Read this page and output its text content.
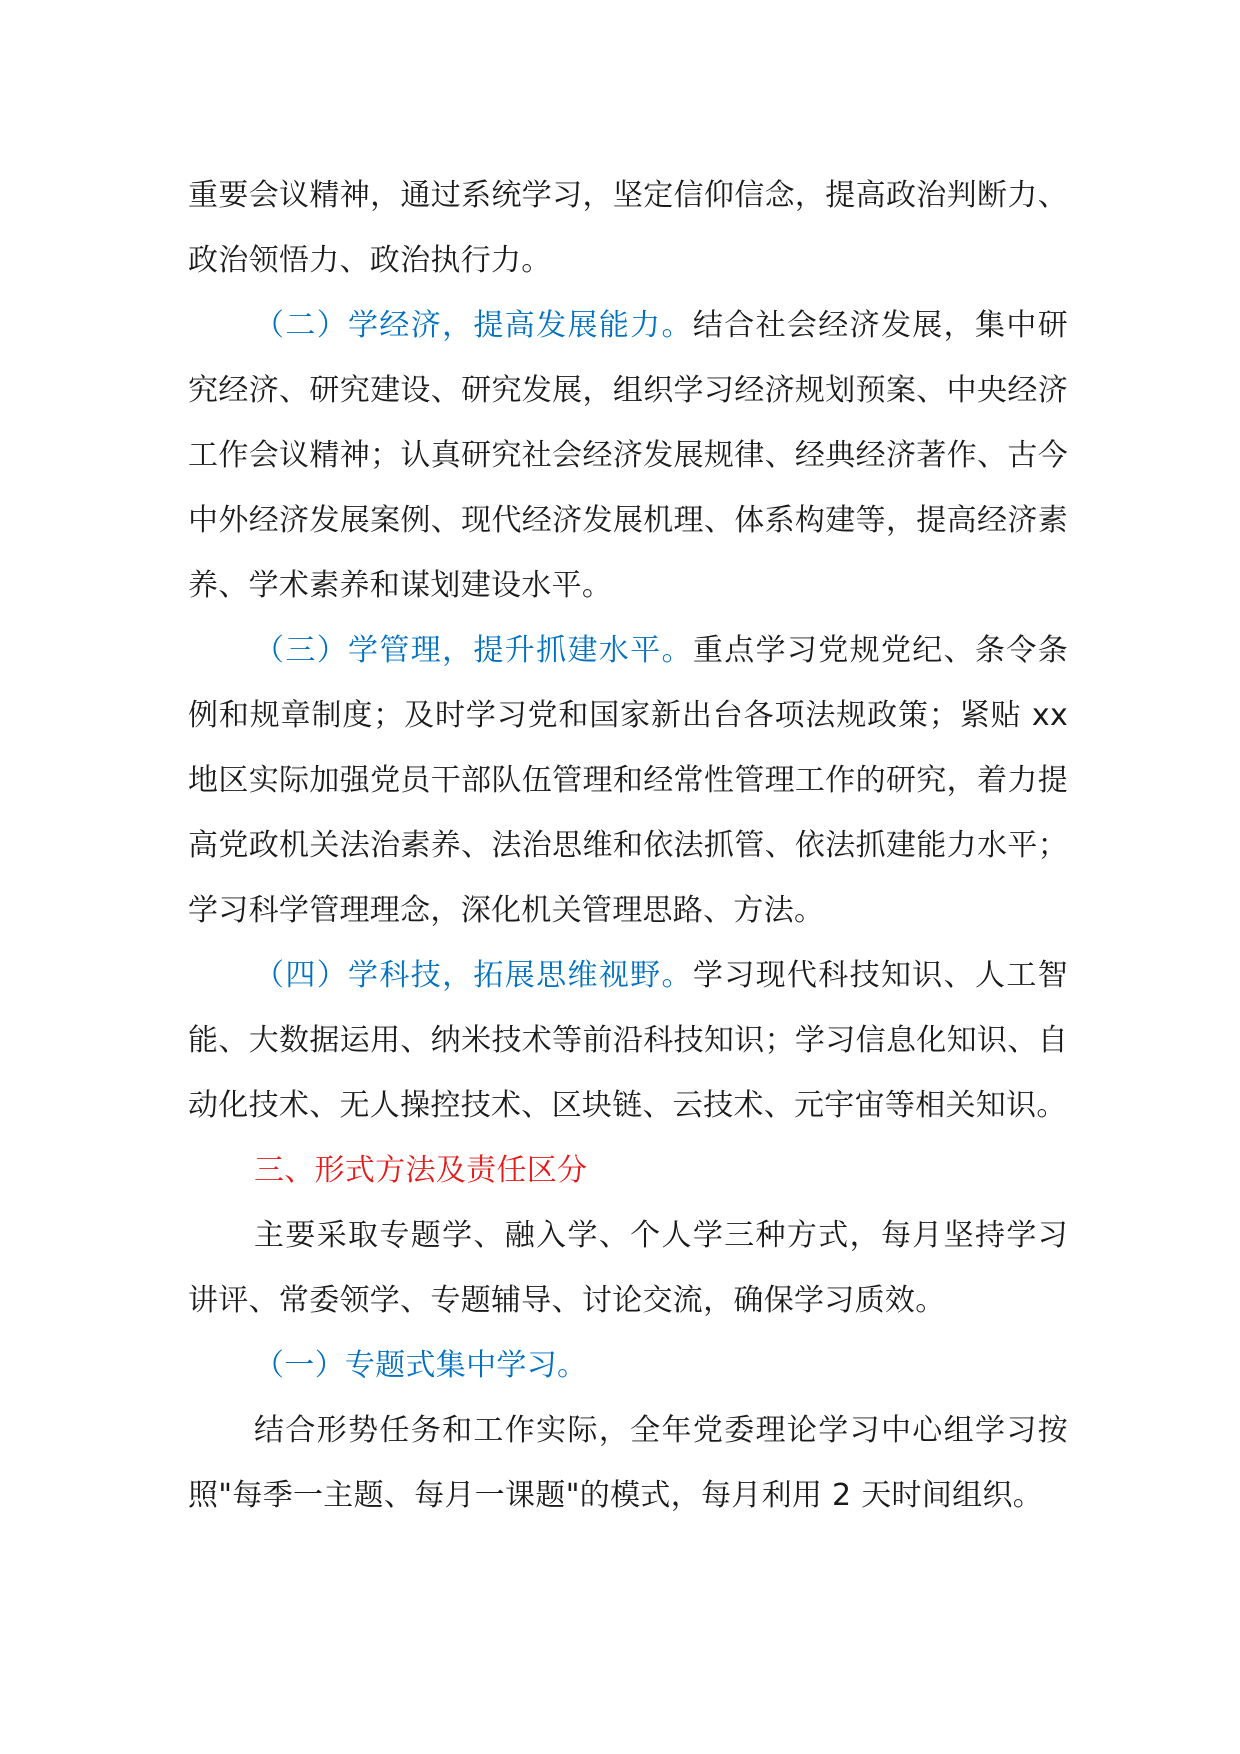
重要会议精神，通过系统学习，坚定信仰信念，提高政治判断力、政治领悟力、政治执行力。

（二）学经济，提高发展能力。结合社会经济发展，集中研究经济、研究建设、研究发展，组织学习经济规划预案、中央经济工作会议精神；认真研究社会经济发展规律、经典经济著作、古今中外经济发展案例、现代经济发展机理、体系构建等，提高经济素养、学术素养和谋划建设水平。

（三）学管理，提升抓建水平。重点学习党规党纪、条令条例和规章制度；及时学习党和国家新出台各项法规政策；紧贴 xx 地区实际加强党员干部队伍管理和经常性管理工作的研究，着力提高党政机关法治素养、法治思维和依法抓管、依法抓建能力水平；学习科学管理理念，深化机关管理思路、方法。

（四）学科技，拓展思维视野。学习现代科技知识、人工智能、大数据运用、纳米技术等前沿科技知识；学习信息化知识、自动化技术、无人操控技术、区块链、云技术、元宇宙等相关知识。

三、形式方法及责任区分

主要采取专题学、融入学、个人学三种方式，每月坚持学习讲评、常委领学、专题辅导、讨论交流，确保学习质效。

（一）专题式集中学习。

结合形势任务和工作实际，全年党委理论学习中心组学习按照"每季一主题、每月一课题"的模式，每月利用 2 天时间组织。
